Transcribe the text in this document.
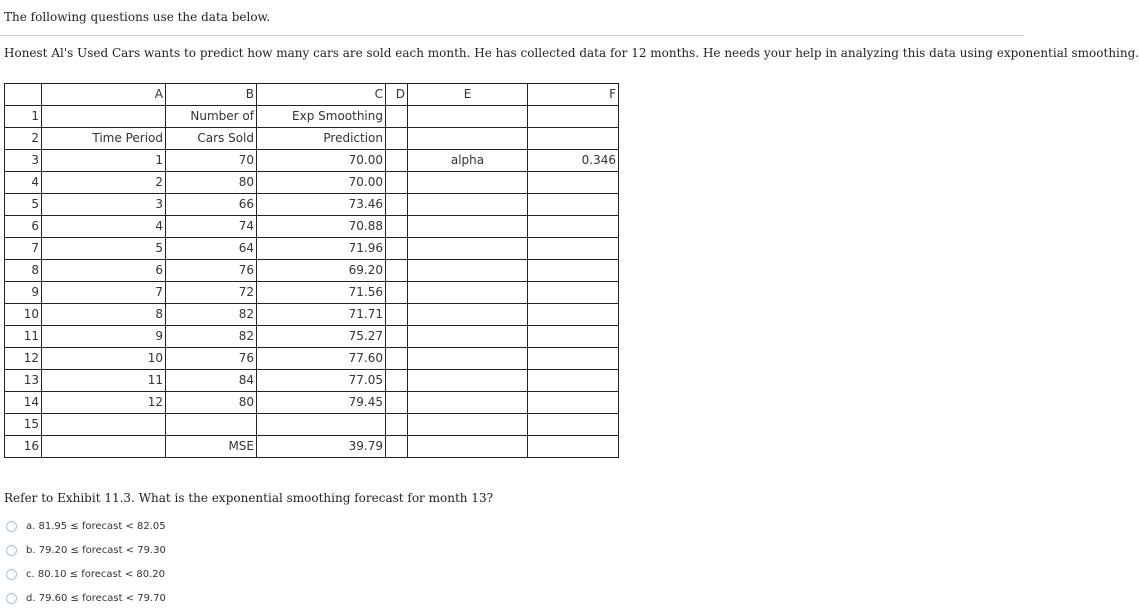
The following questions use the data below.
Honest Al's Used Cars wants to predict how many cars are sold each month. He has collected data for 12 months. He needs your help in analyzing this data using exponential smoothing.
	A	B	C	D	E	F
1		Number of	Exp Smoothing			
2	Time Period	Cars Sold	Prediction			
3	1	70	70.00		alpha	0.346
4	2	80	70.00			
5	3	66	73.46			
6	4	74	70.88			
7	5	64	71.96			
8	6	76	69.20			
9	7	72	71.56			
10	8	82	71.71			
11	9	82	75.27			
12	10	76	77.60			
13	11	84	77.05			
14	12	80	79.45			
15						
16		MSE	39.79			
Refer to Exhibit 11.3. What is the exponential smoothing forecast for month 13?
a. 81.95 ≤ forecast < 82.05
b. 79.20 ≤ forecast < 79.30
c. 80.10 ≤ forecast < 80.20
d. 79.60 ≤ forecast < 79.70
